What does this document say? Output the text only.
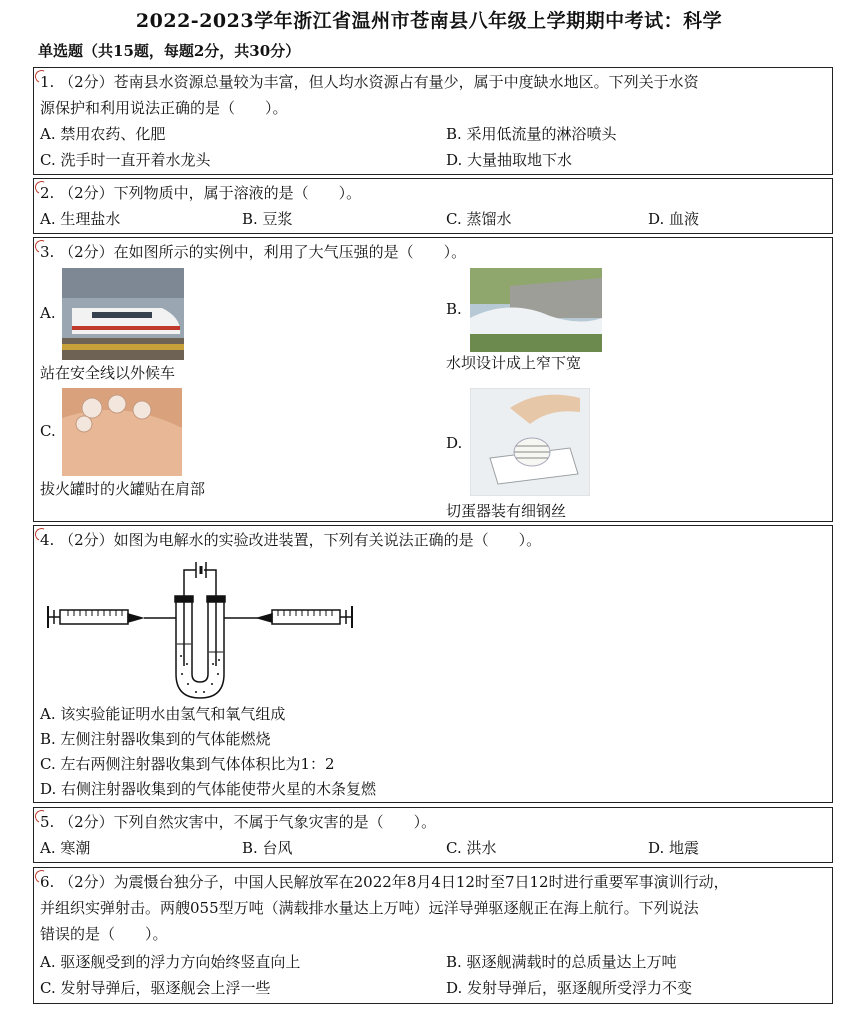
2022-2023学年浙江省温州市苍南县八年级上学期期中考试：科学
单选题（共15题，每题2分，共30分）
1. （2分）苍南县水资源总量较为丰富，但人均水资源占有量少，属于中度缺水地区。下列关于水资
源保护和利用说法正确的是（　　）。
A. 禁用农药、化肥	B. 采用低流量的淋浴喷头
C. 洗手时一直开着水龙头	D. 大量抽取地下水
2. （2分）下列物质中，属于溶液的是（　　）。
A. 生理盐水	B. 豆浆	C. 蒸馏水	D. 血液
3. （2分）在如图所示的实例中，利用了大气压强的是（　　）。
A.
站在安全线以外候车
B.
水坝设计成上窄下宽
C.
拔火罐时的火罐贴在肩部
D.
切蛋器装有细钢丝
4. （2分）如图为电解水的实验改进装置，下列有关说法正确的是（　　）。
A. 该实验能证明水由氢气和氧气组成
B. 左侧注射器收集到的气体能燃烧
C. 左右两侧注射器收集到气体体积比为1：2
D. 右侧注射器收集到的气体能使带火星的木条复燃
5. （2分）下列自然灾害中，不属于气象灾害的是（　　）。
A. 寒潮	B. 台风	C. 洪水	D. 地震
6. （2分）为震慑台独分子，中国人民解放军在2022年8月4日12时至7日12时进行重要军事演训行动，
并组织实弹射击。两艘055型万吨（满载排水量达上万吨）远洋导弹驱逐舰正在海上航行。下列说法
错误的是（　　）。
A. 驱逐舰受到的浮力方向始终竖直向上	B. 驱逐舰满载时的总质量达上万吨
C. 发射导弹后，驱逐舰会上浮一些	D. 发射导弹后，驱逐舰所受浮力不变
